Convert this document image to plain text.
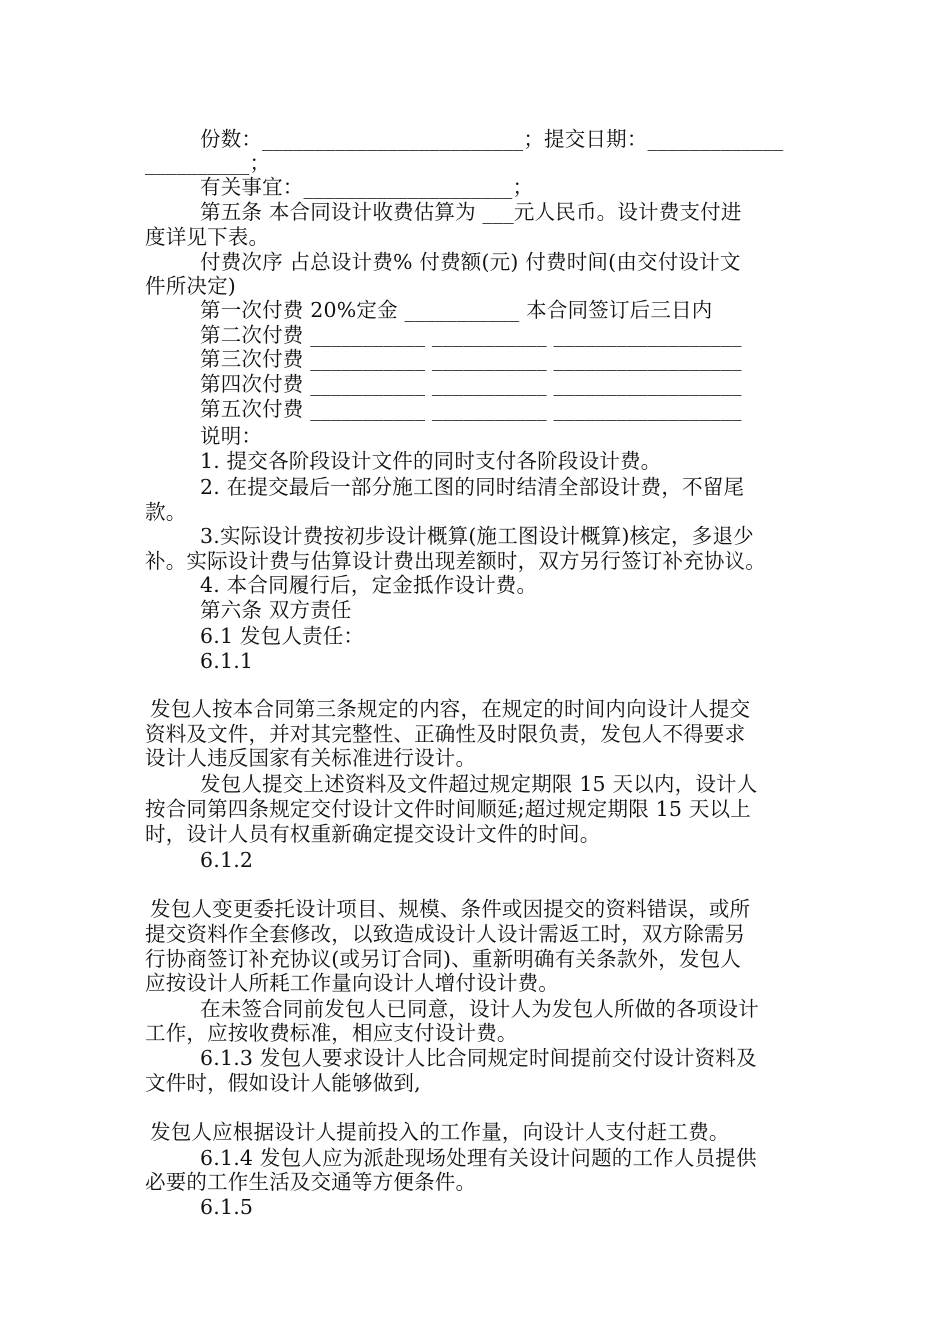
份数：_________________________；提交日期：_____________
__________；
有关事宜：____________________；
第五条 本合同设计收费估算为 ___元人民币。设计费支付进
度详见下表。
付费次序 占总设计费% 付费额(元) 付费时间(由交付设计文
件所决定)
第一次付费 20%定金 ___________ 本合同签订后三日内
第二次付费 ___________ ___________ __________________
第三次付费 ___________ ___________ __________________
第四次付费 ___________ ___________ __________________
第五次付费 ___________ ___________ __________________
说明：
1. 提交各阶段设计文件的同时支付各阶段设计费。
2. 在提交最后一部分施工图的同时结清全部设计费，不留尾
款。
3.实际设计费按初步设计概算(施工图设计概算)核定，多退少
补。实际设计费与估算设计费出现差额时，双方另行签订补充协议。
4. 本合同履行后，定金抵作设计费。
第六条 双方责任
6.1 发包人责任：
6.1.1
发包人按本合同第三条规定的内容，在规定的时间内向设计人提交
资料及文件，并对其完整性、正确性及时限负责，发包人不得要求
设计人违反国家有关标准进行设计。
发包人提交上述资料及文件超过规定期限 15 天以内，设计人
按合同第四条规定交付设计文件时间顺延;超过规定期限 15 天以上
时，设计人员有权重新确定提交设计文件的时间。
6.1.2
发包人变更委托设计项目、规模、条件或因提交的资料错误，或所
提交资料作全套修改，以致造成设计人设计需返工时，双方除需另
行协商签订补充协议(或另订合同)、重新明确有关条款外，发包人
应按设计人所耗工作量向设计人增付设计费。
在未签合同前发包人已同意，设计人为发包人所做的各项设计
工作，应按收费标准，相应支付设计费。
6.1.3 发包人要求设计人比合同规定时间提前交付设计资料及
文件时，假如设计人能够做到,
发包人应根据设计人提前投入的工作量，向设计人支付赶工费。
6.1.4 发包人应为派赴现场处理有关设计问题的工作人员提供
必要的工作生活及交通等方便条件。
6.1.5
